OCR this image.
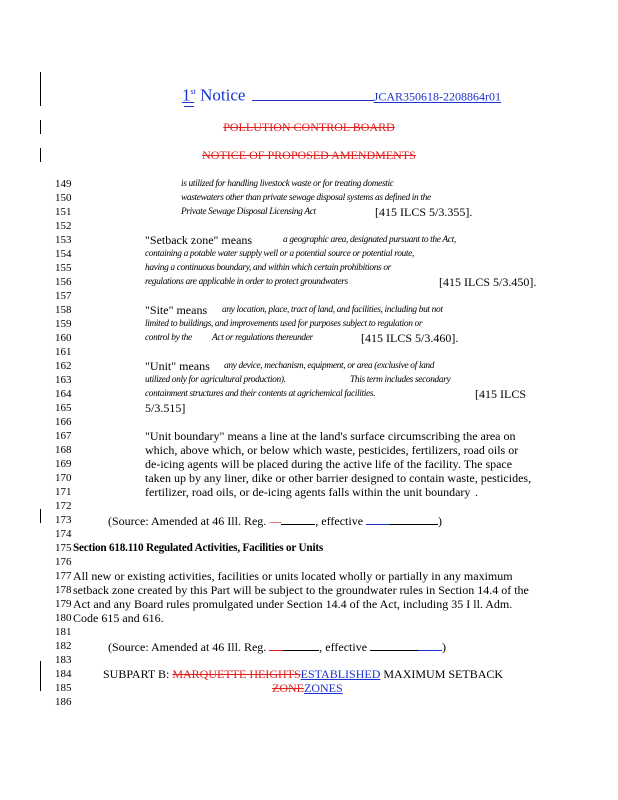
1st Notice	JCAR350618-2208864r01
POLLUTION CONTROL BOARD
NOTICE OF PROPOSED AMENDMENTS
149	is utilized for handling livestock waste or for treating domestic
150	wastewaters other than private sewage disposal systems as defined in the
151	Private Sewage Disposal Licensing Act	[415 ILCS 5/3.355].
152
153	"Setback zone" means	a geographic area, designated pursuant to the Act,
154	containing a potable water supply well or a potential source or potential route,
155	having a continuous boundary, and within which certain prohibitions or
156	regulations are applicable in order to protect groundwaters	[415 ILCS 5/3.450].
157
158	"Site" means any location, place, tract of land, and facilities, including but not
159	limited to buildings, and improvements used for purposes subject to regulation or
160	control by the Act or regulations thereunder	[415 ILCS 5/3.460].
161
162	"Unit" means any device, mechanism, equipment, or area (exclusive of land
163	utilized only for agricultural production).	This term includes secondary
164	containment structures and their contents at agrichemical facilities.	[415 ILCS
165	5/3.515]
166
167	"Unit boundary" means a line at the land's surface circumscribing the area on
168	which, above which, or below which waste, pesticides, fertilizers, road oils or
169	de-icing agents will be placed during the active life of the facility . The space
170	taken up by any liner, dike or other barrier designed to contain waste, pesticides,
171	fertilizer, road oils, or de-icing agents falls within the unit boundary .
172
173	(Source: Amended at 46 Ill. Reg. —	, effective	)
174
175 Section 618.110 Regulated Activities, Facilities or Units
176
177 All new or existing activities, facilities or units located wholly or partially in any maximum
178 setback zone created by this Part will be subject to the groundwater rules in Section 14.4 of the
179 Act and any Board rules promulgated under Section 14.4 of the Act, including 35 I ll. Adm.
180 Code 615 and 616.
181
182	(Source: Amended at 46 Ill. Reg.	, effective	)
183
184	SUBPART B: MARQUETTE HEIGHTSESTABLISHED MAXIMUM SETBACK
185	ZONEZONES
186
